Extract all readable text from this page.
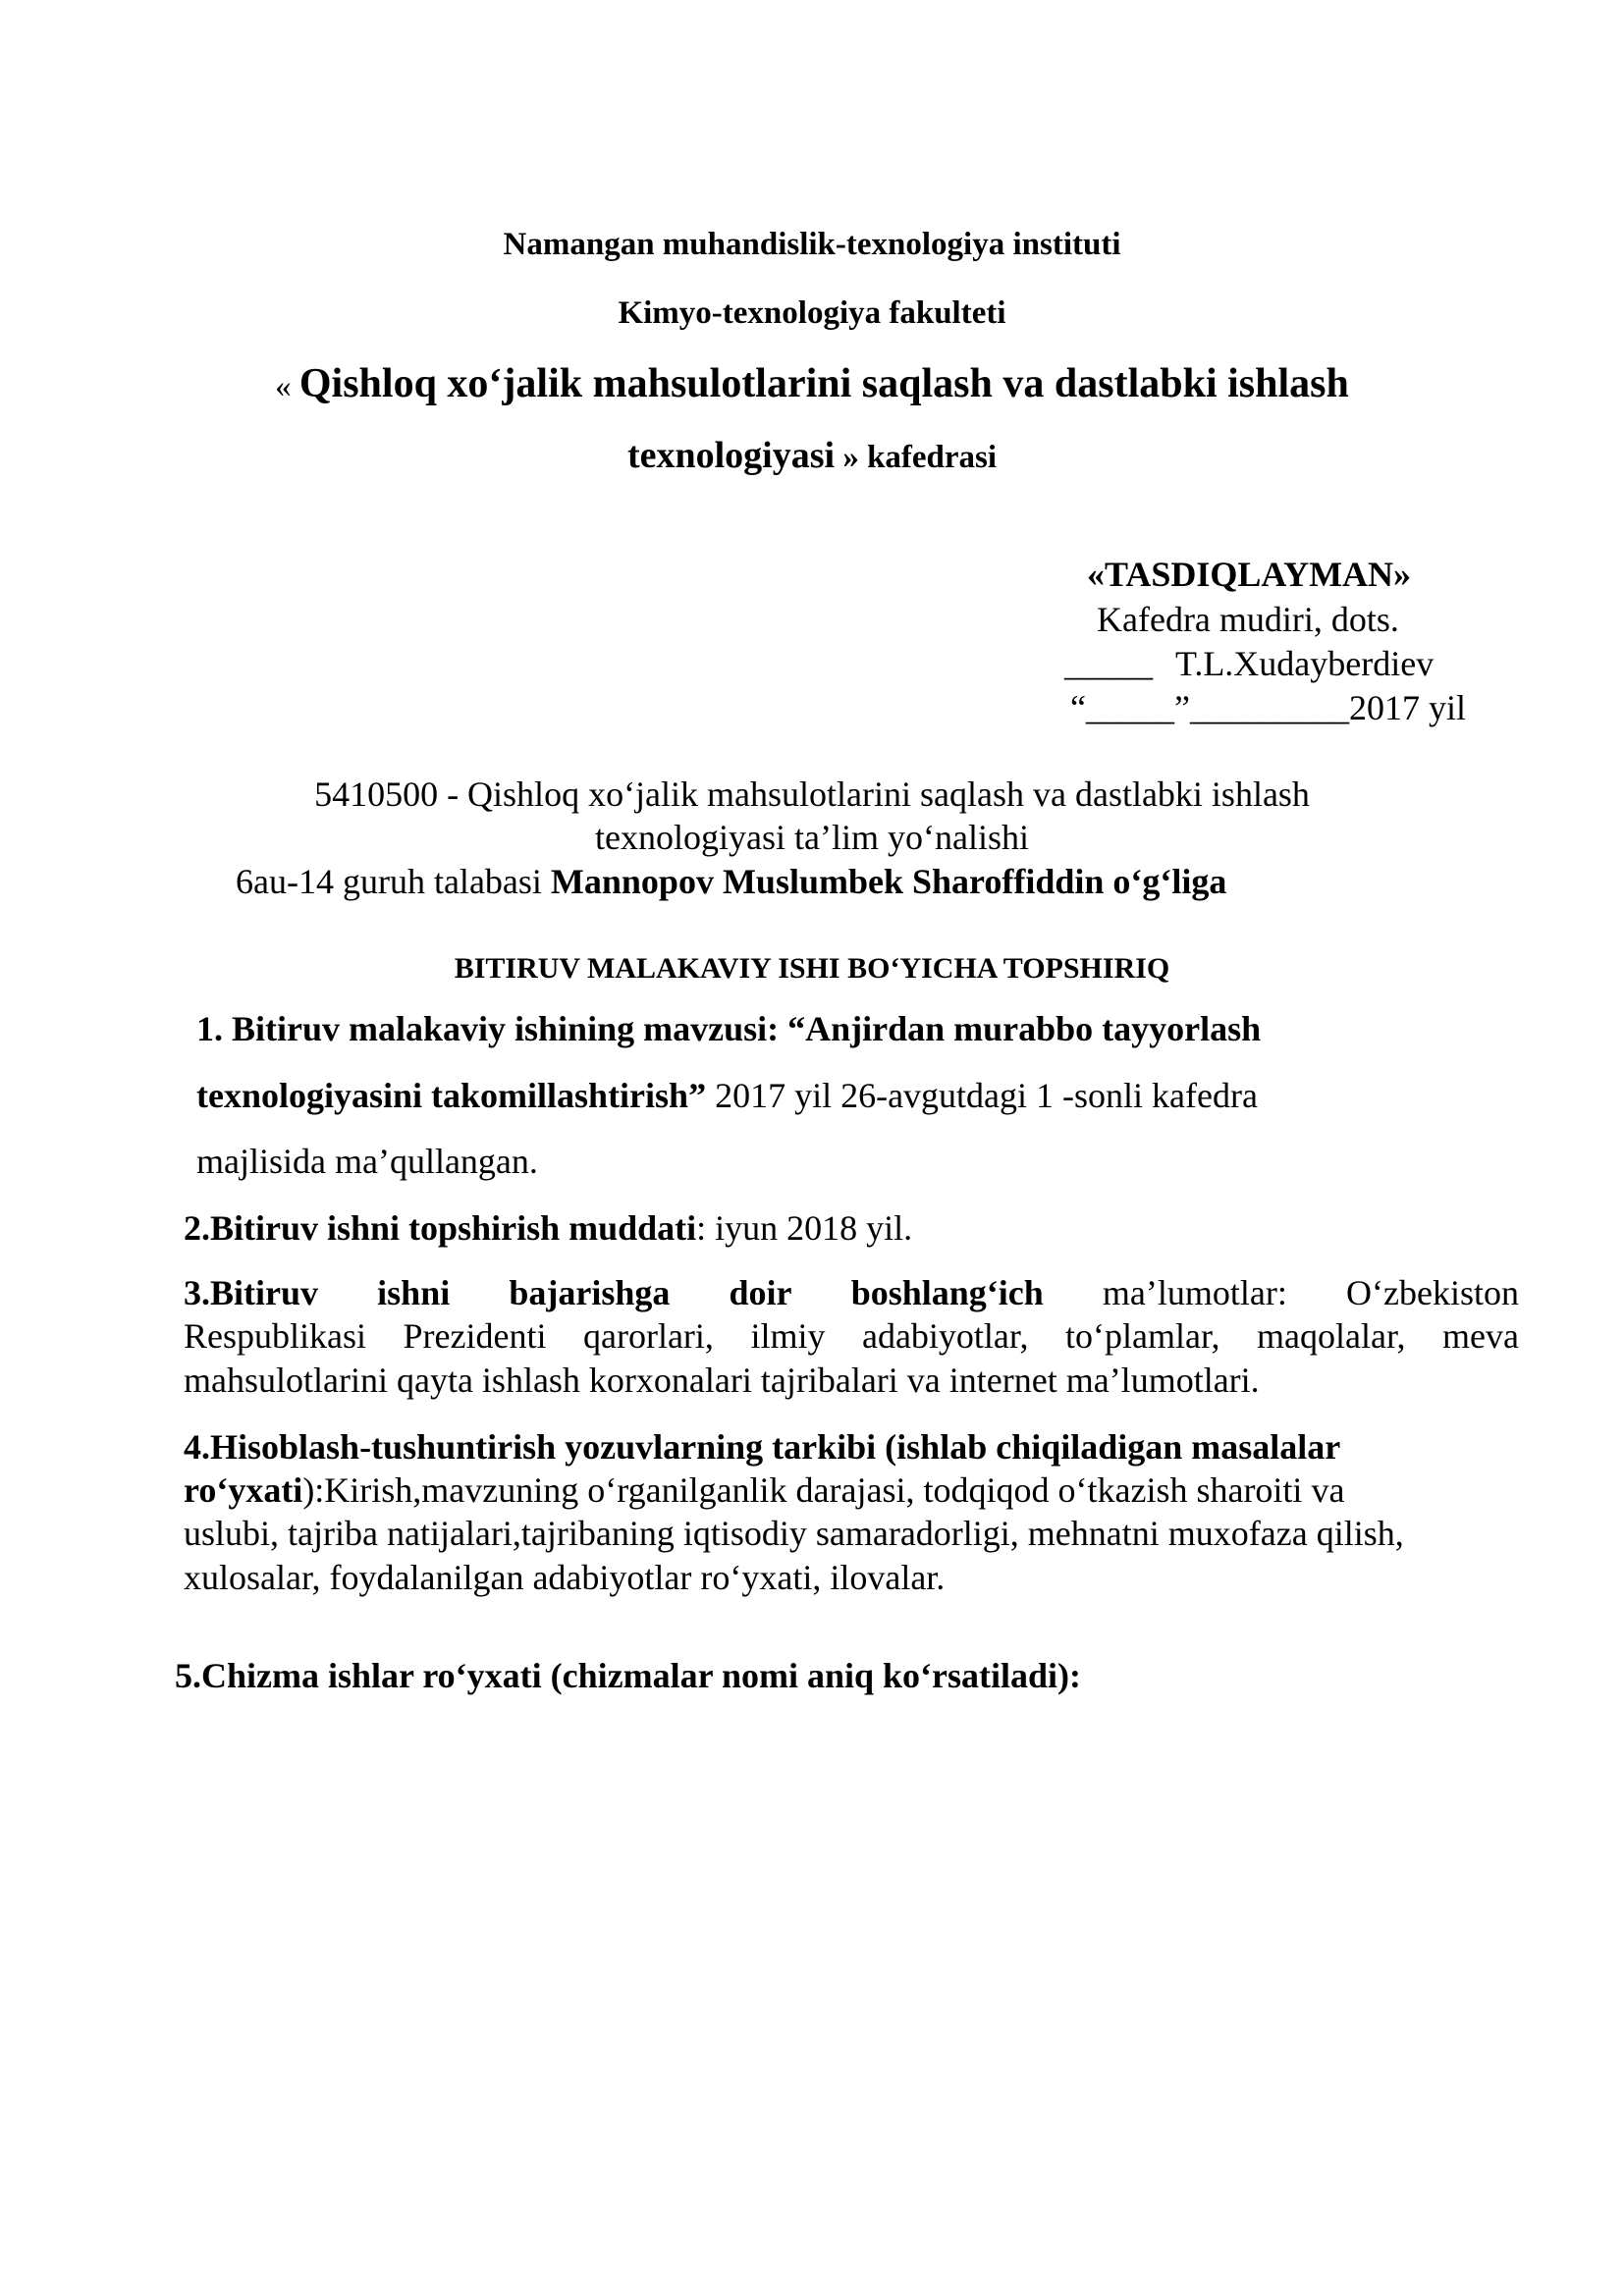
Namangan muhandislik-texnologiya instituti
Kimyo-texnologiya fakulteti
« Qishloq xo‘jalik mahsulotlarini saqlash va dastlabki ishlash
texnologiyasi » kafedrasi
«TASDIQLAYMAN»
Kafedra mudiri, dots.
_____ T.L.Xudayberdiev
“_____”_________2017 yil
5410500 - Qishloq xo‘jalik mahsulotlarini saqlash va dastlabki ishlash
texnologiyasi ta’lim yo‘nalishi
6au-14 guruh talabasi Mannopov Muslumbek Sharoffiddin o‘g‘liga
BITIRUV MALAKAVIY ISHI BO‘YICHA TOPSHIRIQ
1. Bitiruv malakaviy ishining mavzusi: “Anjirdan murabbo tayyorlash
texnologiyasini takomillashtirish” 2017 yil 26-avgutdagi 1 -sonli kafedra
majlisida ma’qullangan.
2.Bitiruv ishni topshirish muddati: iyun 2018 yil.
3.Bitiruv ishni bajarishga doir boshlang‘ich ma’lumotlar: O‘zbekiston
Respublikasi Prezidenti qarorlari, ilmiy adabiyotlar, to‘plamlar, maqolalar, meva
mahsulotlarini qayta ishlash korxonalari tajribalari va internet ma’lumotlari.
4.Hisoblash-tushuntirish yozuvlarning tarkibi (ishlab chiqiladigan masalalar
ro‘yxati):Kirish,mavzuning o‘rganilganlik darajasi, todqiqod o‘tkazish sharoiti va
uslubi, tajriba natijalari,tajribaning iqtisodiy samaradorligi, mehnatni muxofaza qilish,
xulosalar, foydalanilgan adabiyotlar ro‘yxati, ilovalar.
5.Chizma ishlar ro‘yxati (chizmalar nomi aniq ko‘rsatiladi):
